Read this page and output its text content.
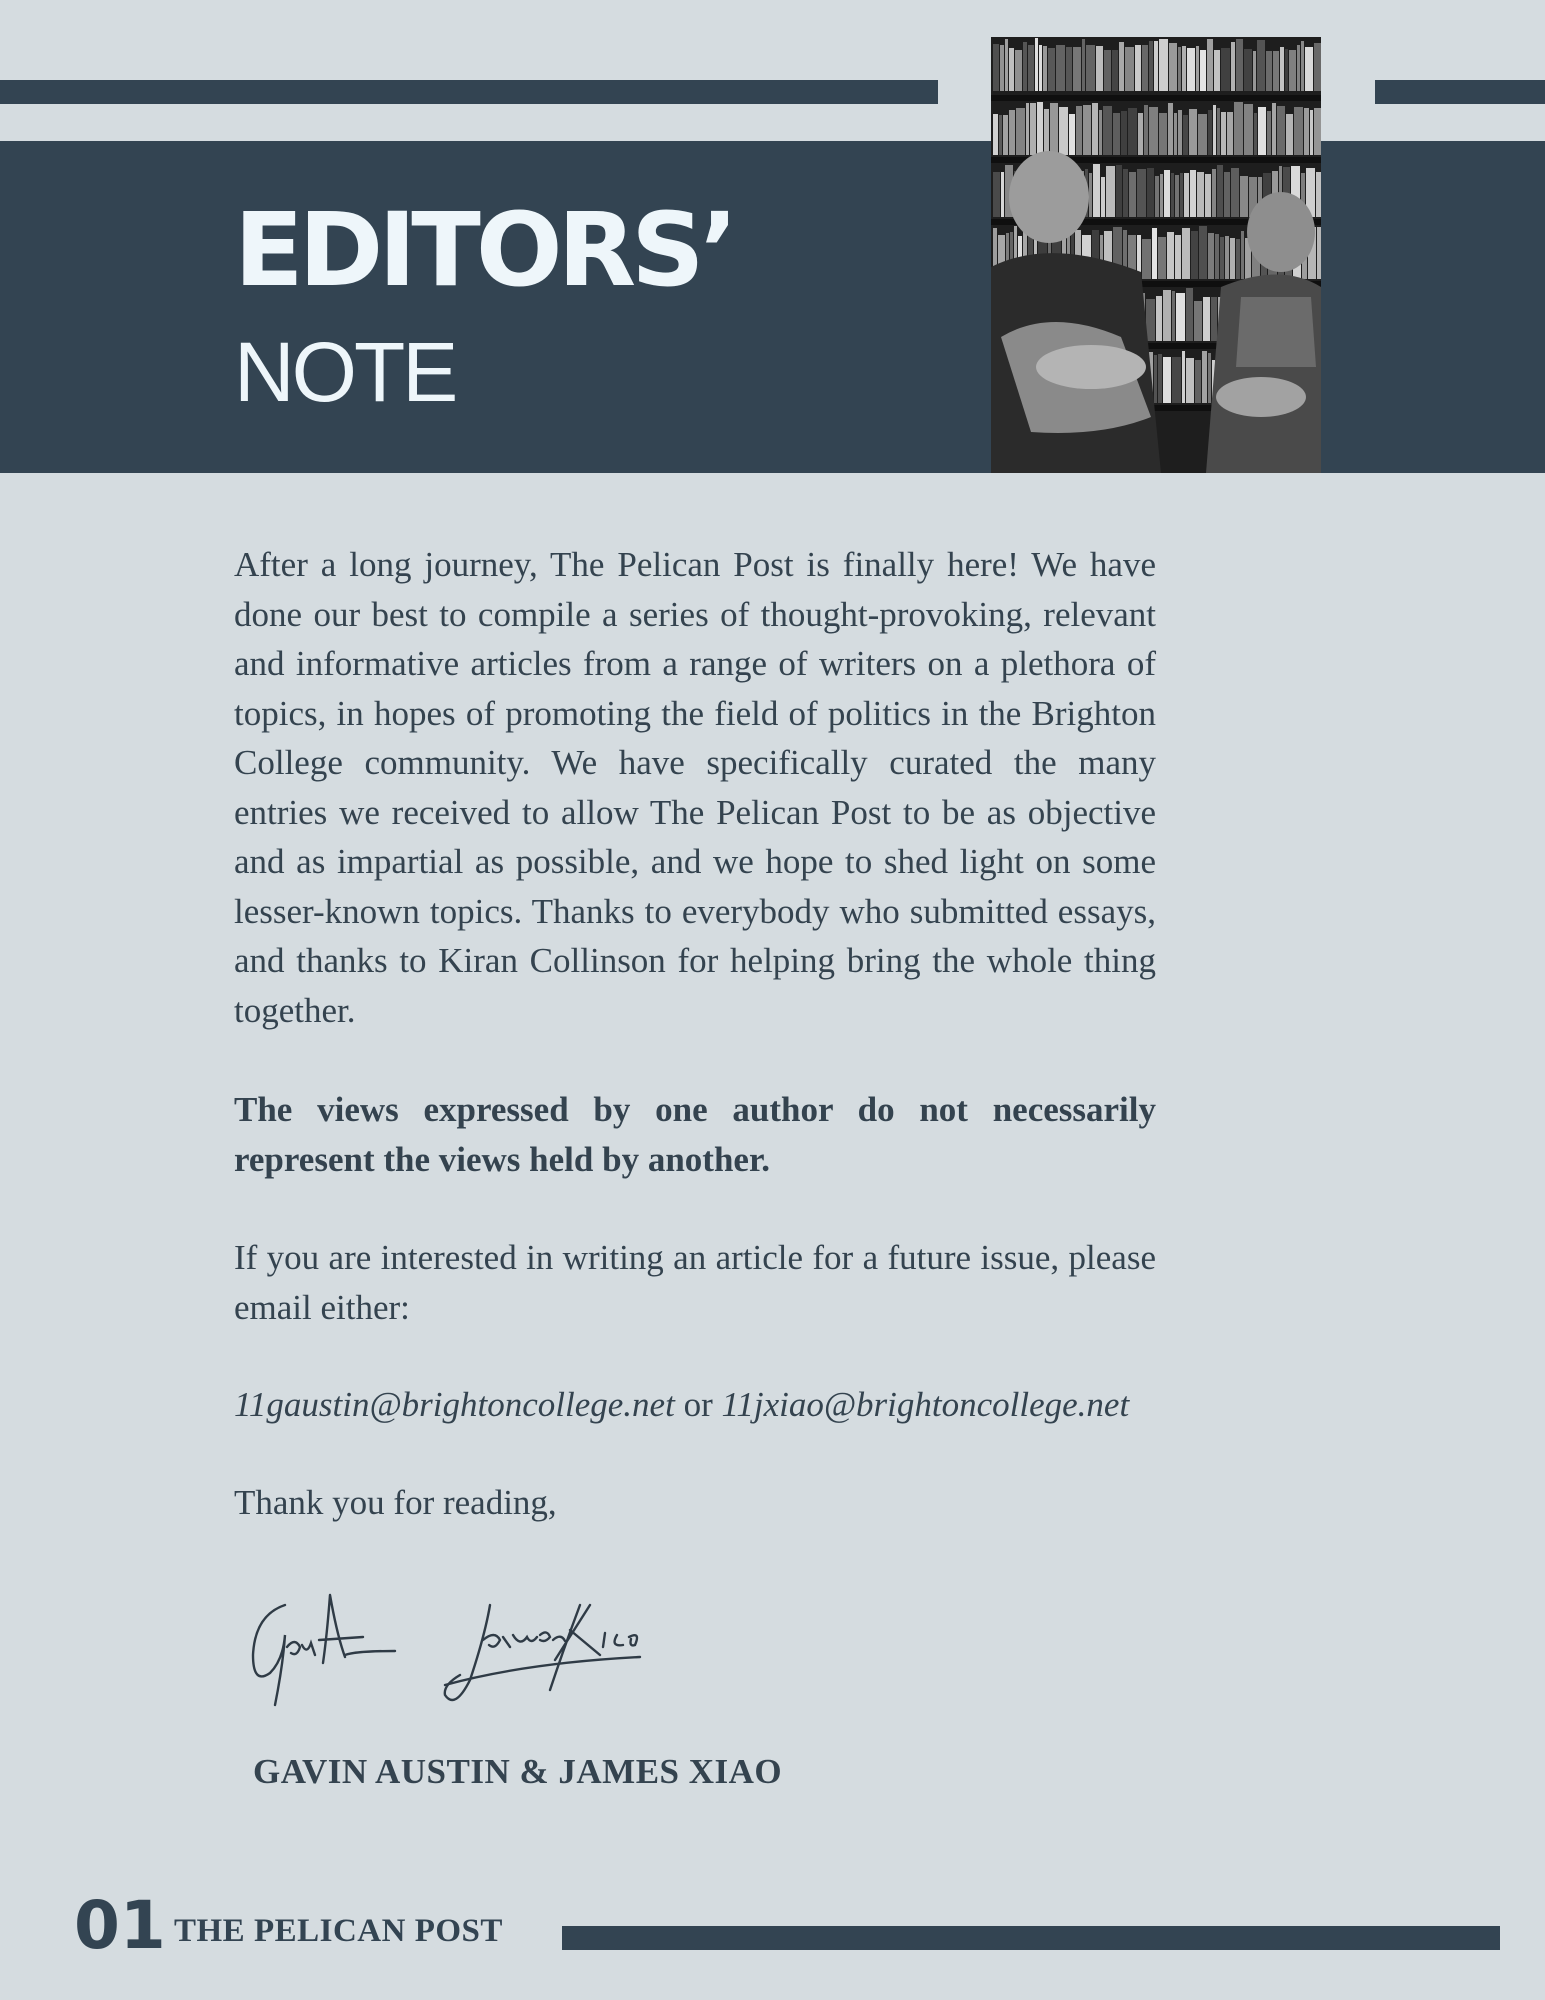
EDITORS’
NOTE

After a long journey, The Pelican Post is finally here! We have done our best to compile a series of thought-provoking, relevant and informative articles from a range of writers on a plethora of topics, in hopes of promoting the field of politics in the Brighton College community. We have specifically curated the many entries we received to allow The Pelican Post to be as objective and as impartial as possible, and we hope to shed light on some lesser-known topics. Thanks to everybody who submitted essays, and thanks to Kiran Collinson for helping bring the whole thing together.

The views expressed by one author do not necessarily represent the views held by another.

If you are interested in writing an article for a future issue, please email either:

11gaustin@brightoncollege.net or 11jxiao@brightoncollege.net

Thank you for reading,

GAVIN AUSTIN & JAMES XIAO

01 THE PELICAN POST
